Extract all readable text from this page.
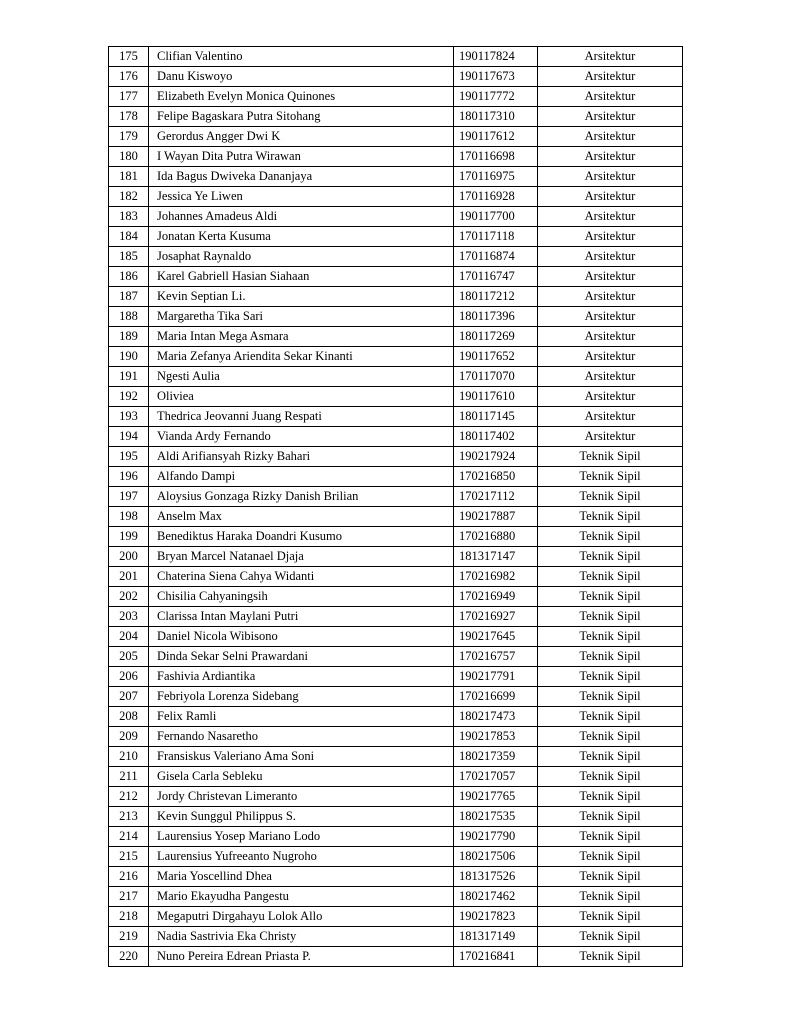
175	Clifian Valentino	190117824	Arsitektur
176	Danu Kiswoyo	190117673	Arsitektur
177	Elizabeth Evelyn Monica Quinones	190117772	Arsitektur
178	Felipe Bagaskara Putra Sitohang	180117310	Arsitektur
179	Gerordus Angger Dwi K	190117612	Arsitektur
180	I Wayan Dita Putra Wirawan	170116698	Arsitektur
181	Ida Bagus Dwiveka Dananjaya	170116975	Arsitektur
182	Jessica Ye Liwen	170116928	Arsitektur
183	Johannes Amadeus Aldi	190117700	Arsitektur
184	Jonatan Kerta Kusuma	170117118	Arsitektur
185	Josaphat Raynaldo	170116874	Arsitektur
186	Karel Gabriell Hasian Siahaan	170116747	Arsitektur
187	Kevin Septian Li.	180117212	Arsitektur
188	Margaretha Tika Sari	180117396	Arsitektur
189	Maria Intan Mega Asmara	180117269	Arsitektur
190	Maria Zefanya Ariendita Sekar Kinanti	190117652	Arsitektur
191	Ngesti Aulia	170117070	Arsitektur
192	Oliviea	190117610	Arsitektur
193	Thedrica Jeovanni Juang Respati	180117145	Arsitektur
194	Vianda Ardy Fernando	180117402	Arsitektur
195	Aldi Arifiansyah Rizky Bahari	190217924	Teknik Sipil
196	Alfando Dampi	170216850	Teknik Sipil
197	Aloysius Gonzaga Rizky Danish Brilian	170217112	Teknik Sipil
198	Anselm Max	190217887	Teknik Sipil
199	Benediktus Haraka Doandri Kusumo	170216880	Teknik Sipil
200	Bryan Marcel Natanael Djaja	181317147	Teknik Sipil
201	Chaterina Siena Cahya Widanti	170216982	Teknik Sipil
202	Chisilia Cahyaningsih	170216949	Teknik Sipil
203	Clarissa Intan Maylani Putri	170216927	Teknik Sipil
204	Daniel Nicola Wibisono	190217645	Teknik Sipil
205	Dinda Sekar Selni Prawardani	170216757	Teknik Sipil
206	Fashivia Ardiantika	190217791	Teknik Sipil
207	Febriyola Lorenza Sidebang	170216699	Teknik Sipil
208	Felix Ramli	180217473	Teknik Sipil
209	Fernando Nasaretho	190217853	Teknik Sipil
210	Fransiskus Valeriano Ama Soni	180217359	Teknik Sipil
211	Gisela Carla Sebleku	170217057	Teknik Sipil
212	Jordy Christevan Limeranto	190217765	Teknik Sipil
213	Kevin Sunggul Philippus S.	180217535	Teknik Sipil
214	Laurensius Yosep Mariano Lodo	190217790	Teknik Sipil
215	Laurensius Yufreeanto Nugroho	180217506	Teknik Sipil
216	Maria Yoscellind Dhea	181317526	Teknik Sipil
217	Mario Ekayudha Pangestu	180217462	Teknik Sipil
218	Megaputri Dirgahayu Lolok Allo	190217823	Teknik Sipil
219	Nadia Sastrivia Eka Christy	181317149	Teknik Sipil
220	Nuno Pereira Edrean Priasta P.	170216841	Teknik Sipil
